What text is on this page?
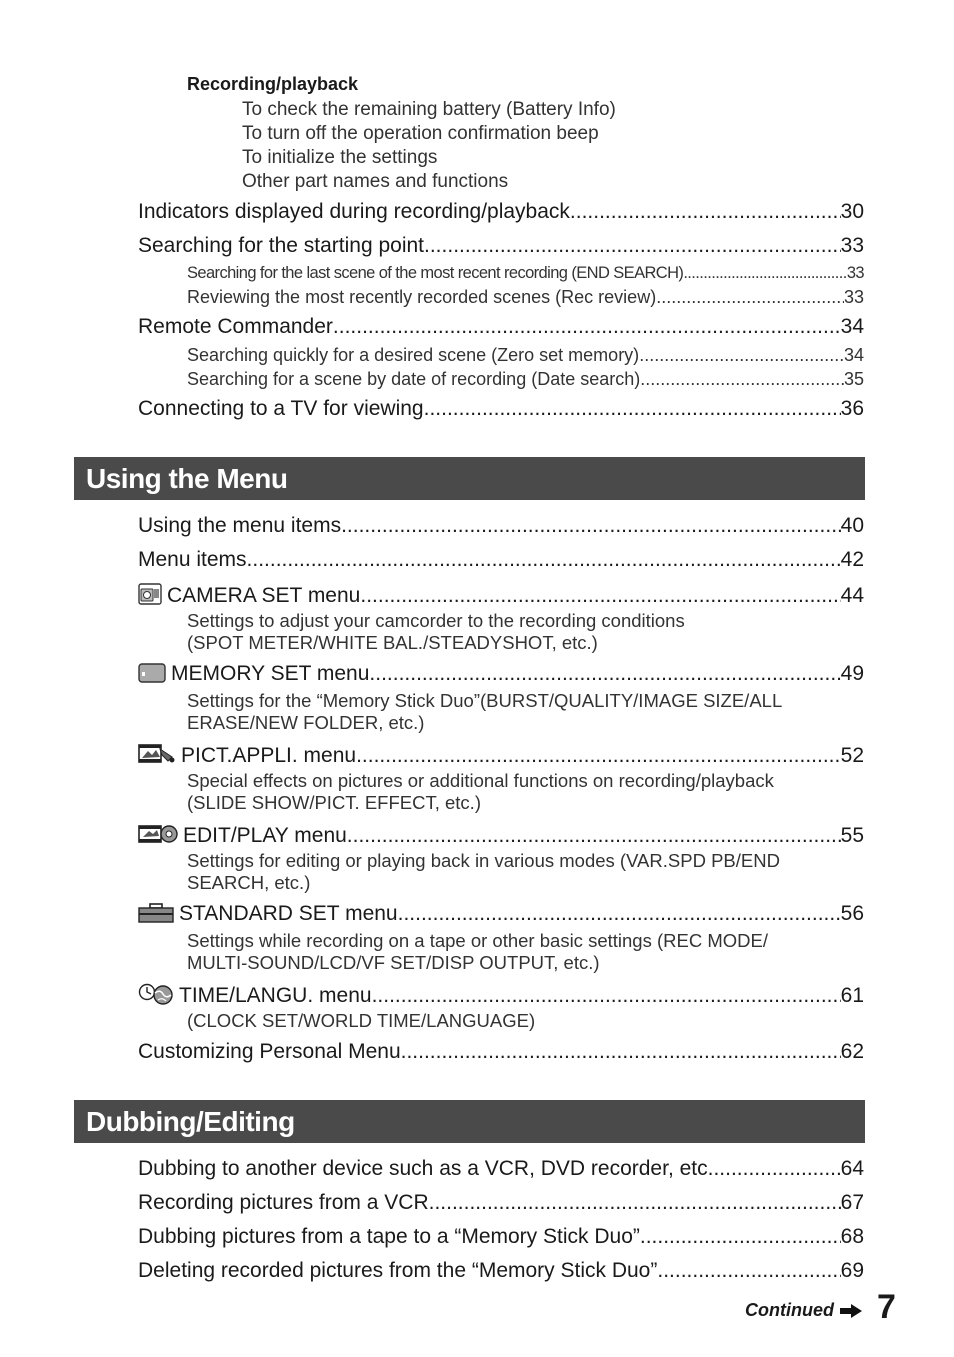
Recording/playback
To check the remaining battery (Battery Info)
To turn off the operation confirmation beep
To initialize the settings
Other part names and functions
Indicators displayed during recording/playback .....	30
Searching for the starting point .....	33
Searching for the last scene of the most recent recording (END SEARCH) .....	33
Reviewing the most recently recorded scenes (Rec review) .....	33
Remote Commander .....	34
Searching quickly for a desired scene (Zero set memory) .....	34
Searching for a scene by date of recording (Date search) .....	35
Connecting to a TV for viewing .....	36
Using the Menu
Using the menu items .....	40
Menu items .....	42
CAMERA SET menu .....	44
Settings to adjust your camcorder to the recording conditions
(SPOT METER/WHITE BAL./STEADYSHOT, etc.)
MEMORY SET menu .....	49
Settings for the “Memory Stick Duo”(BURST/QUALITY/IMAGE SIZE/ALL
ERASE/NEW FOLDER, etc.)
PICT.APPLI. menu .....	52
Special effects on pictures or additional functions on recording/playback
(SLIDE SHOW/PICT. EFFECT, etc.)
EDIT/PLAY menu .....	55
Settings for editing or playing back in various modes (VAR.SPD PB/END
SEARCH, etc.)
STANDARD SET menu .....	56
Settings while recording on a tape or other basic settings (REC MODE/
MULTI-SOUND/LCD/VF SET/DISP OUTPUT, etc.)
TIME/LANGU. menu .....	61
(CLOCK SET/WORLD TIME/LANGUAGE)
Customizing Personal Menu .....	62
Dubbing/Editing
Dubbing to another device such as a VCR, DVD recorder, etc. .....	64
Recording pictures from a VCR .....	67
Dubbing pictures from a tape to a “Memory Stick Duo” .....	68
Deleting recorded pictures from the “Memory Stick Duo” .....	69
Continued 7
